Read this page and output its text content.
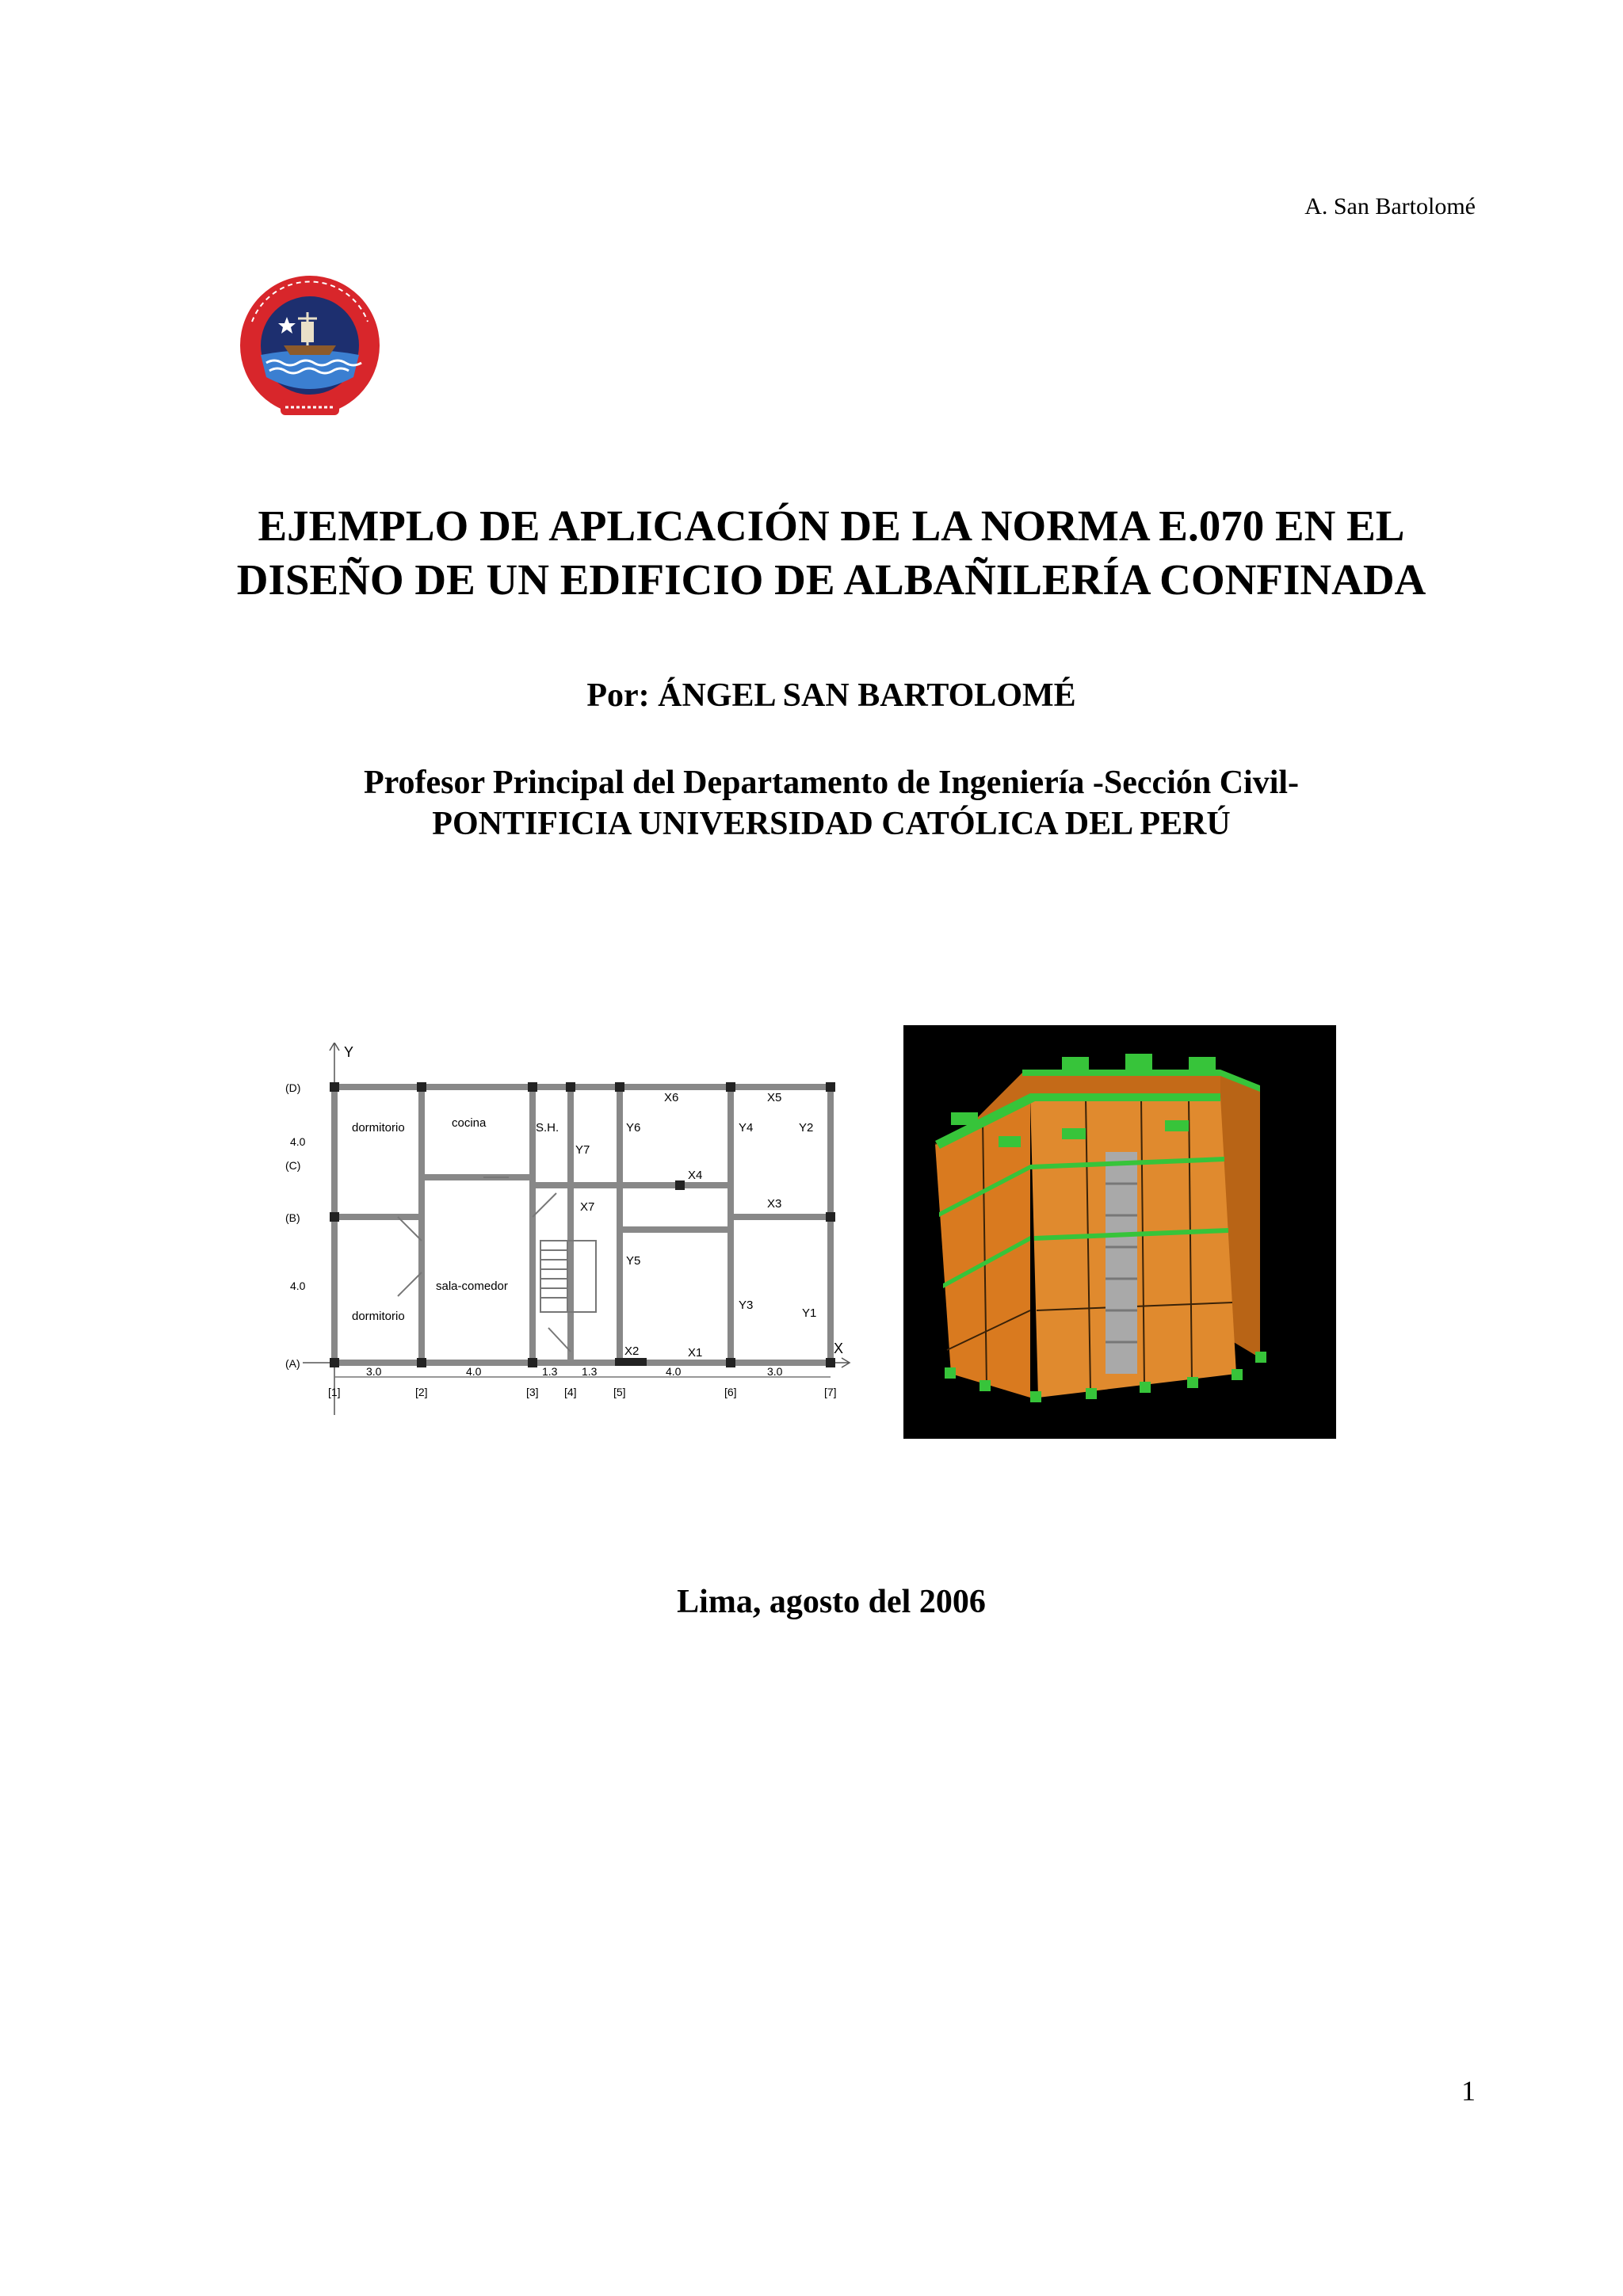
A. San Bartolomé
EJEMPLO DE APLICACIÓN DE LA NORMA E.070 EN EL
DISEÑO DE UN EDIFICIO DE ALBAÑILERÍA CONFINADA
Por: ÁNGEL SAN BARTOLOMÉ
Profesor Principal del Departamento de Ingeniería -Sección Civil-
PONTIFICIA UNIVERSIDAD CATÓLICA DEL PERÚ
Y
X
dormitorio	cocina	S.H.
sala-comedor
dormitorio
X1
X2
X3
X4
X5
X6
X7
Y1
Y2
Y3
Y4
Y5
Y6
Y7
(D)
(C)
(B)
(A)
4.0
4.0
3.0	4.0	1.3 1.3	4.0	3.0
[1]	[2]	[3] [4]	[5]	[6]	[7]
Lima, agosto del 2006
1
